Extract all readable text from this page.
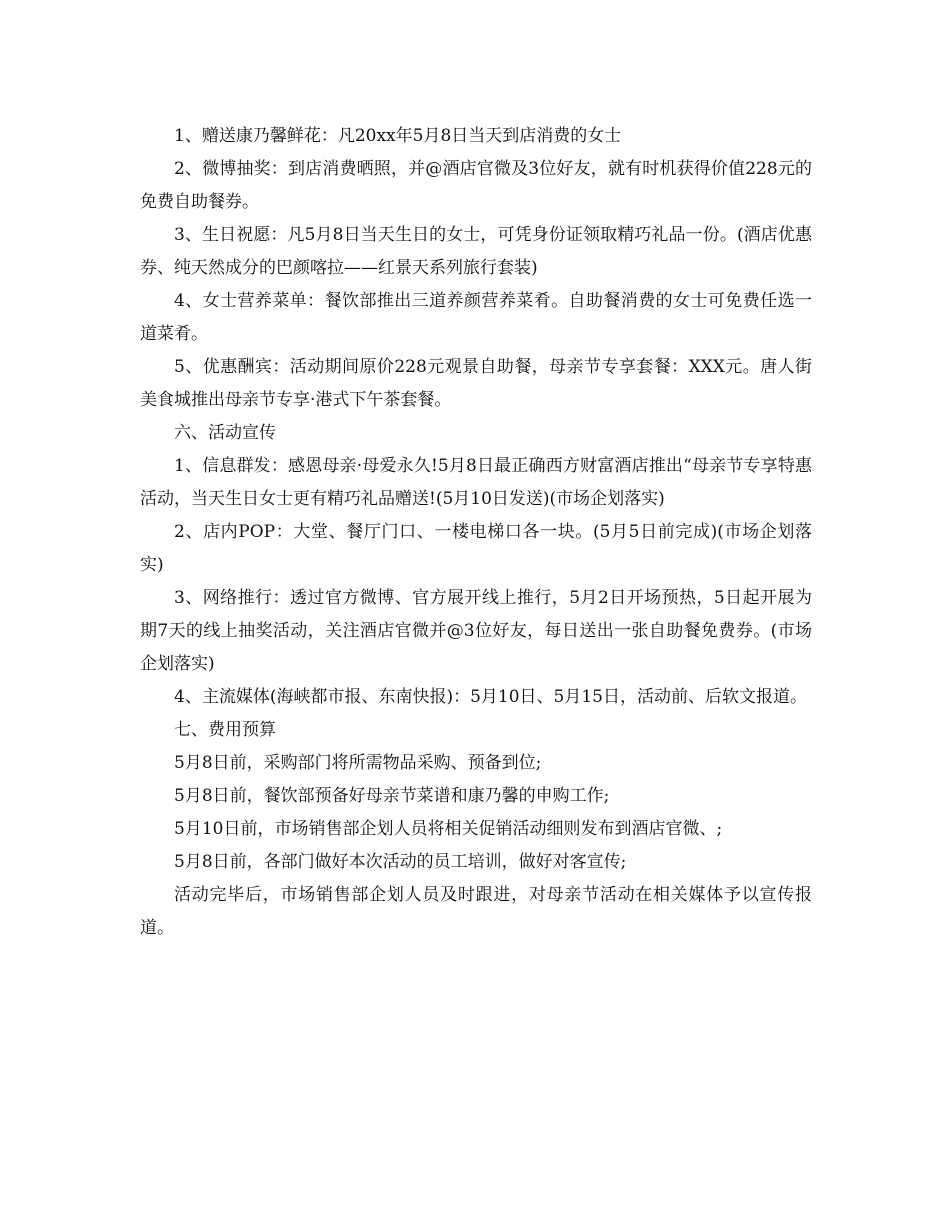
1、赠送康乃馨鲜花：凡20xx年5月8日当天到店消费的女士

2、微博抽奖：到店消费晒照，并@酒店官微及3位好友，就有时机获得价值228元的免费自助餐券。

3、生日祝愿：凡5月8日当天生日的女士，可凭身份证领取精巧礼品一份。(酒店优惠券、纯天然成分的巴颜喀拉——红景天系列旅行套装)

4、女士营养菜单：餐饮部推出三道养颜营养菜肴。自助餐消费的女士可免费任选一道菜肴。

5、优惠酬宾：活动期间原价228元观景自助餐，母亲节专享套餐：XXX元。唐人街美食城推出母亲节专享·港式下午茶套餐。

六、活动宣传

1、信息群发：感恩母亲·母爱永久!5月8日最正确西方财富酒店推出“母亲节专享特惠活动，当天生日女士更有精巧礼品赠送!(5月10日发送)(市场企划落实)

2、店内POP：大堂、餐厅门口、一楼电梯口各一块。(5月5日前完成)(市场企划落实)

3、网络推行：透过官方微博、官方展开线上推行，5月2日开场预热，5日起开展为期7天的线上抽奖活动，关注酒店官微并@3位好友，每日送出一张自助餐免费券。(市场企划落实)

4、主流媒体(海峡都市报、东南快报)：5月10日、5月15日，活动前、后软文报道。

七、费用预算

5月8日前，采购部门将所需物品采购、预备到位;

5月8日前，餐饮部预备好母亲节菜谱和康乃馨的申购工作;

5月10日前，市场销售部企划人员将相关促销活动细则发布到酒店官微、;

5月8日前，各部门做好本次活动的员工培训，做好对客宣传;

活动完毕后，市场销售部企划人员及时跟进，对母亲节活动在相关媒体予以宣传报道。
